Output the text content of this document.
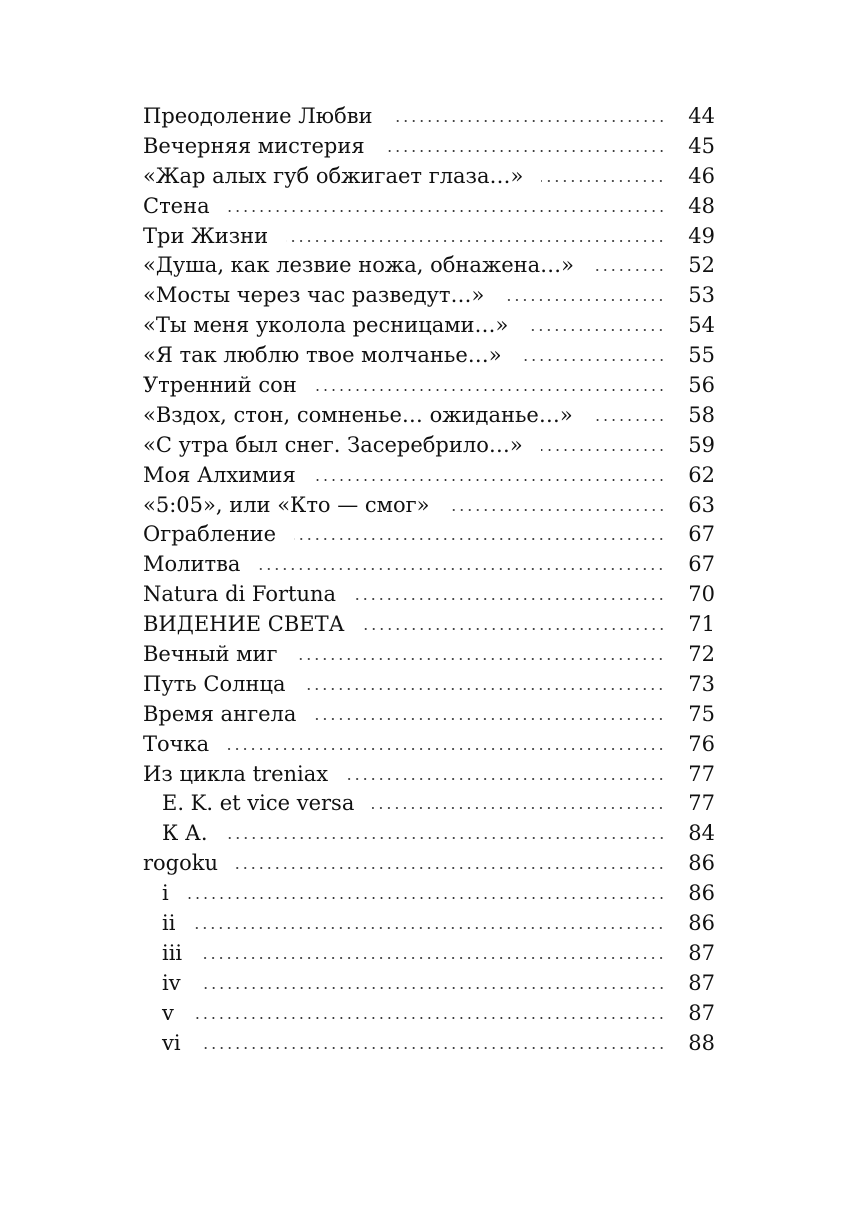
Преодоление Любви	44
Вечерняя мистерия	45
«Жар алых губ обжигает глаза…»	46
Стена	48
Три Жизни	49
«Душа, как лезвие ножа, обнажена…»	52
«Мосты через час разведут…»	53
«Ты меня уколола ресницами…»	54
«Я так люблю твое молчанье…»	55
Утренний сон	56
«Вздох, стон, сомненье… ожиданье…»	58
«С утра был снег. Засеребрило…»	59
Моя Алхимия	62
«5:05», или «Кто — смог»	63
Ограбление	67
Молитва	67
Natura di Fortuna	70
ВИДЕНИЕ СВЕТА	71
Вечный миг	72
Путь Солнца	73
Время ангела	75
Точка	76
Из цикла treniax	77
E. K. et vice versa	77
К А.	84
rogoku	86
i	86
ii	86
iii	87
iv	87
v	87
vi	88
